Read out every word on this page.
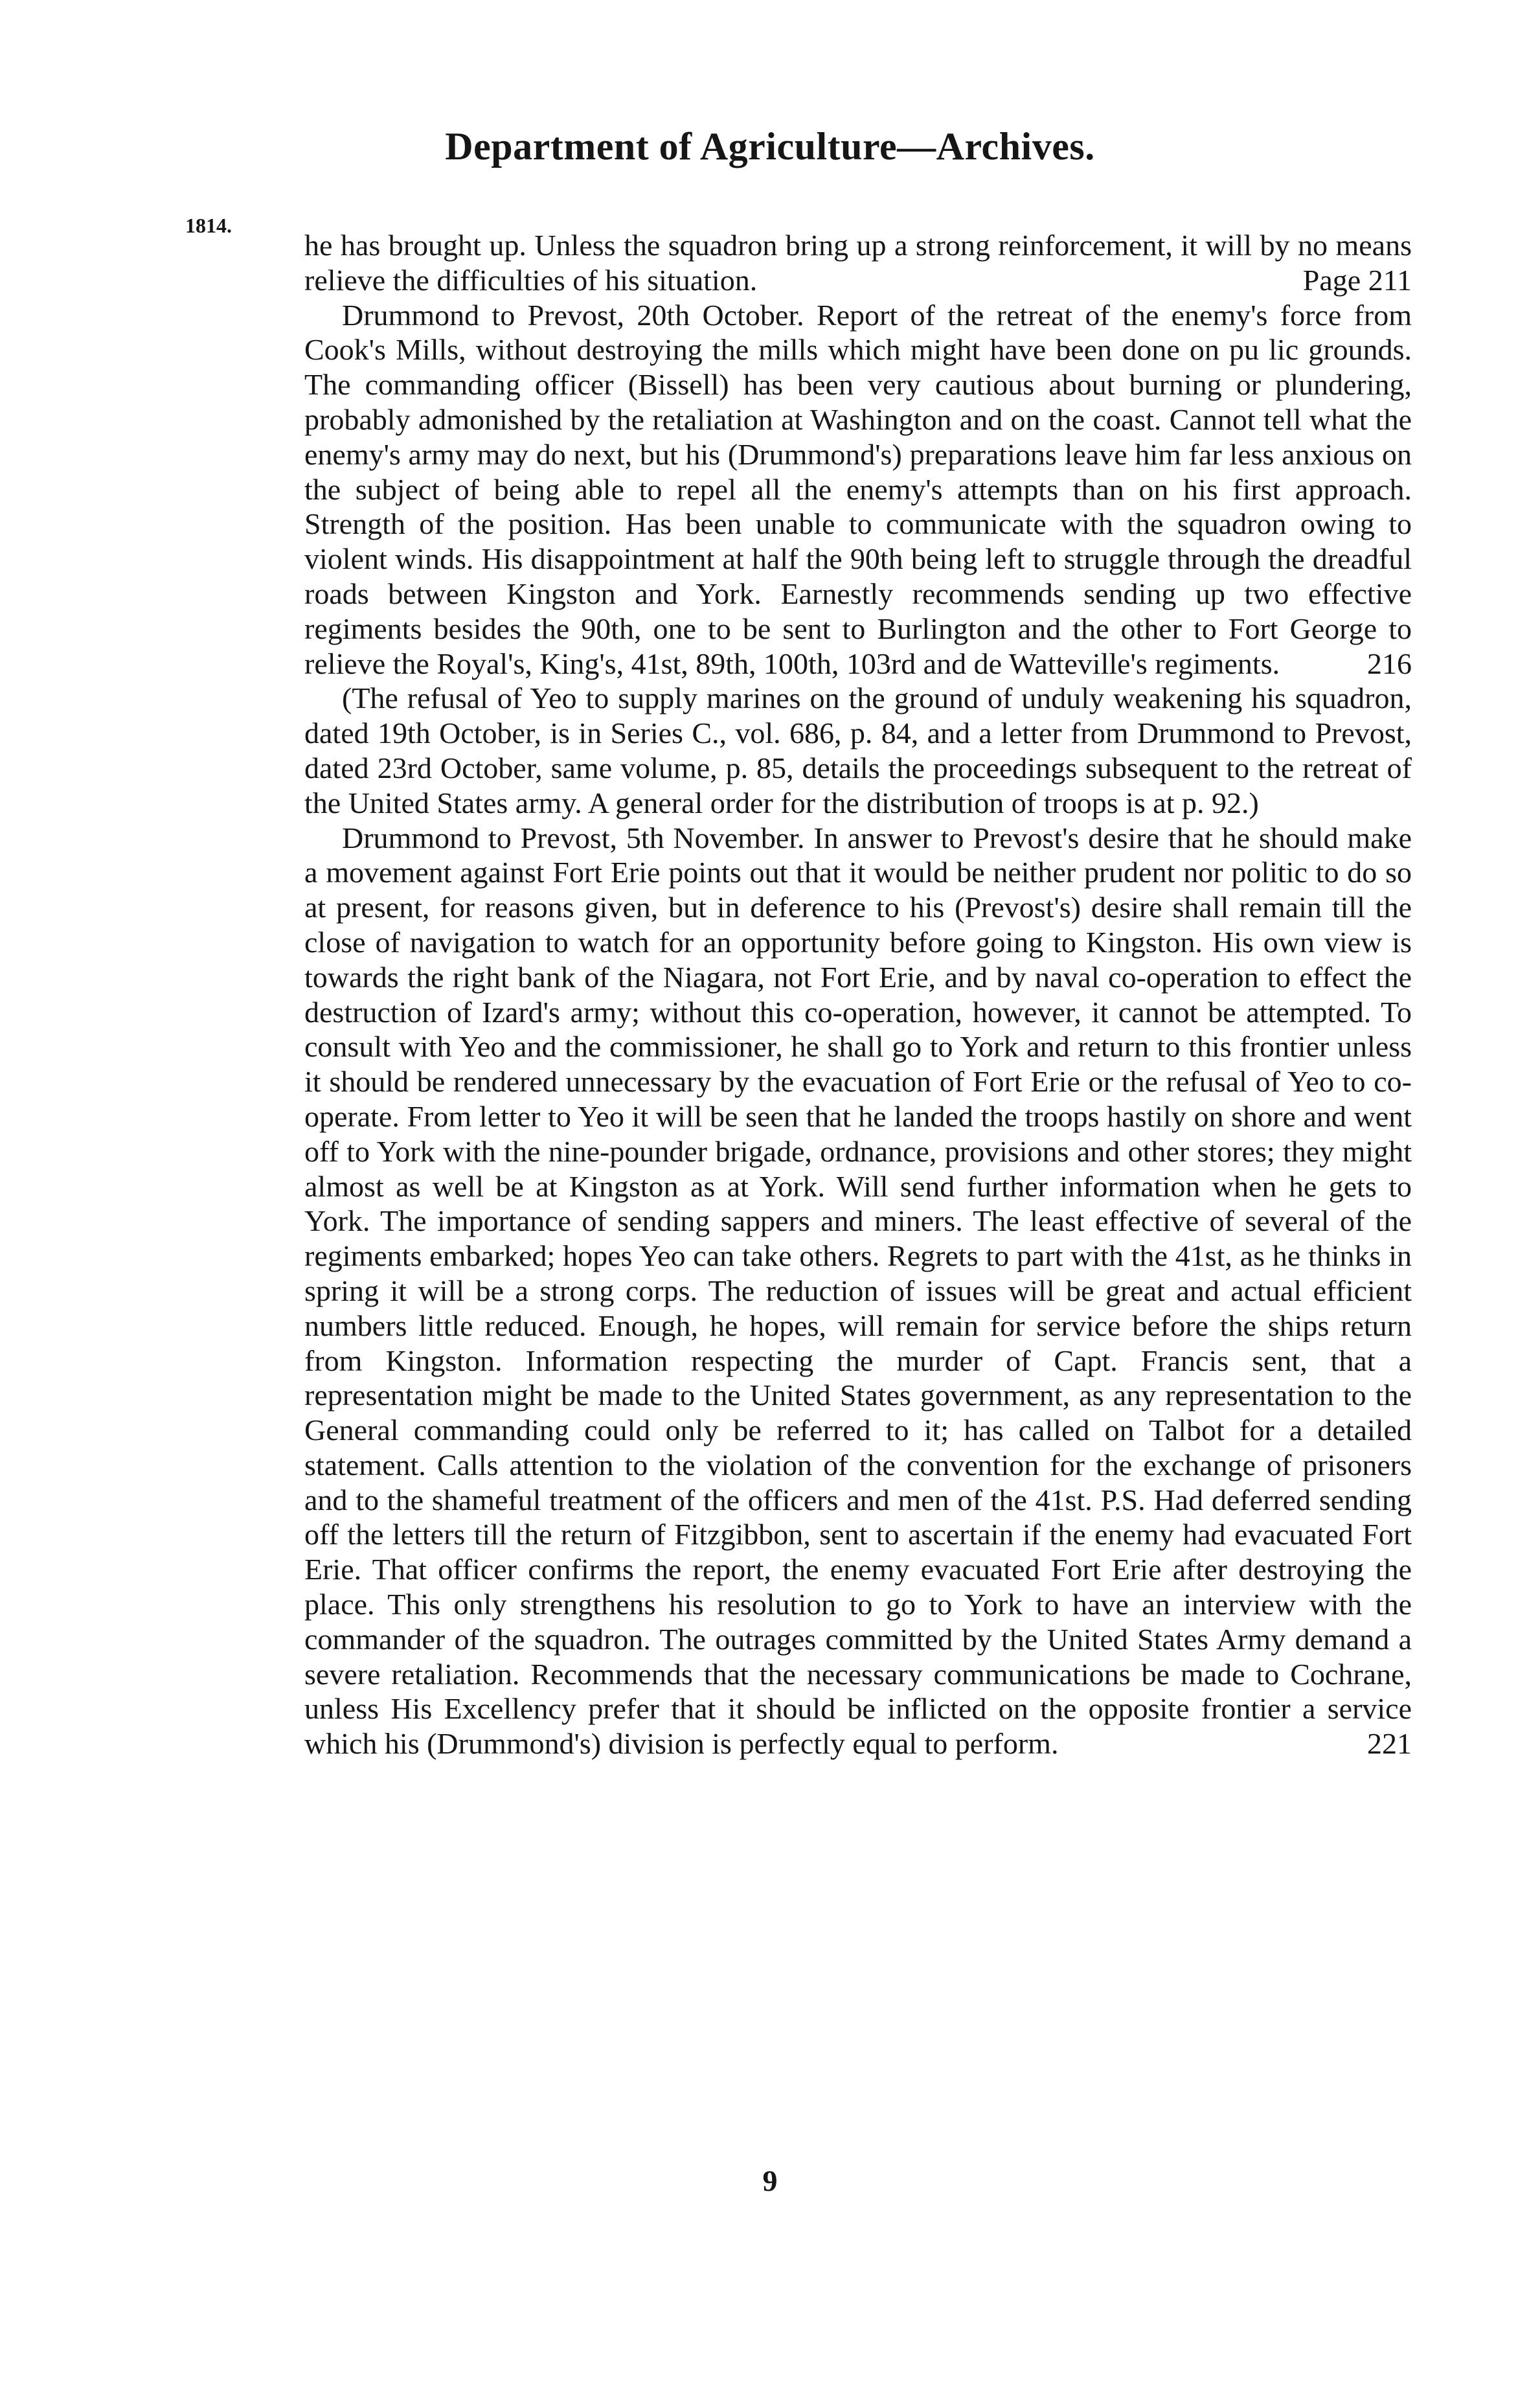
Department of Agriculture—Archives.
1814.

he has brought up. Unless the squadron bring up a strong reinforcement, it will by no means relieve the difficulties of his situation.	Page 211

Drummond to Prevost, 20th October. Report of the retreat of the enemy's force from Cook's Mills, without destroying the mills which might have been done on pu lic grounds. The commanding officer (Bissell) has been very cautious about burning or plundering, probably admonished by the retaliation at Washington and on the coast. Cannot tell what the enemy's army may do next, but his (Drummond's) preparations leave him far less anxious on the subject of being able to repel all the enemy's attempts than on his first approach. Strength of the position. Has been unable to communicate with the squadron owing to violent winds. His disappointment at half the 90th being left to struggle through the dreadful roads between Kingston and York. Earnestly recommends sending up two effective regiments besides the 90th, one to be sent to Burlington and the other to Fort George to relieve the Royal's, King's, 41st, 89th, 100th, 103rd and de Watteville's regiments.	216

(The refusal of Yeo to supply marines on the ground of unduly weakening his squadron, dated 19th October, is in Series C., vol. 686, p. 84, and a letter from Drummond to Prevost, dated 23rd October, same volume, p. 85, details the proceedings subsequent to the retreat of the United States army. A general order for the distribution of troops is at p. 92.)

Drummond to Prevost, 5th November. In answer to Prevost's desire that he should make a movement against Fort Erie points out that it would be neither prudent nor politic to do so at present, for reasons given, but in deference to his (Prevost's) desire shall remain till the close of navigation to watch for an opportunity before going to Kingston. His own view is towards the right bank of the Niagara, not Fort Erie, and by naval co-operation to effect the destruction of Izard's army; without this co-operation, however, it cannot be attempted. To consult with Yeo and the commissioner, he shall go to York and return to this frontier unless it should be rendered unnecessary by the evacuation of Fort Erie or the refusal of Yeo to co-operate. From letter to Yeo it will be seen that he landed the troops hastily on shore and went off to York with the nine-pounder brigade, ordnance, provisions and other stores; they might almost as well be at Kingston as at York. Will send further information when he gets to York. The importance of sending sappers and miners. The least effective of several of the regiments embarked; hopes Yeo can take others. Regrets to part with the 41st, as he thinks in spring it will be a strong corps. The reduction of issues will be great and actual efficient numbers little reduced. Enough, he hopes, will remain for service before the ships return from Kingston. Information respecting the murder of Capt. Francis sent, that a representation might be made to the United States government, as any representation to the General commanding could only be referred to it; has called on Talbot for a detailed statement. Calls attention to the violation of the convention for the exchange of prisoners and to the shameful treatment of the officers and men of the 41st. P.S. Had deferred sending off the letters till the return of Fitzgibbon, sent to ascertain if the enemy had evacuated Fort Erie. That officer confirms the report, the enemy evacuated Fort Erie after destroying the place. This only strengthens his resolution to go to York to have an interview with the commander of the squadron. The outrages committed by the United States Army demand a severe retaliation. Recommends that the necessary communications be made to Cochrane, unless His Excellency prefer that it should be inflicted on the opposite frontier a service which his (Drummond's) division is perfectly equal to perform.	221

9
